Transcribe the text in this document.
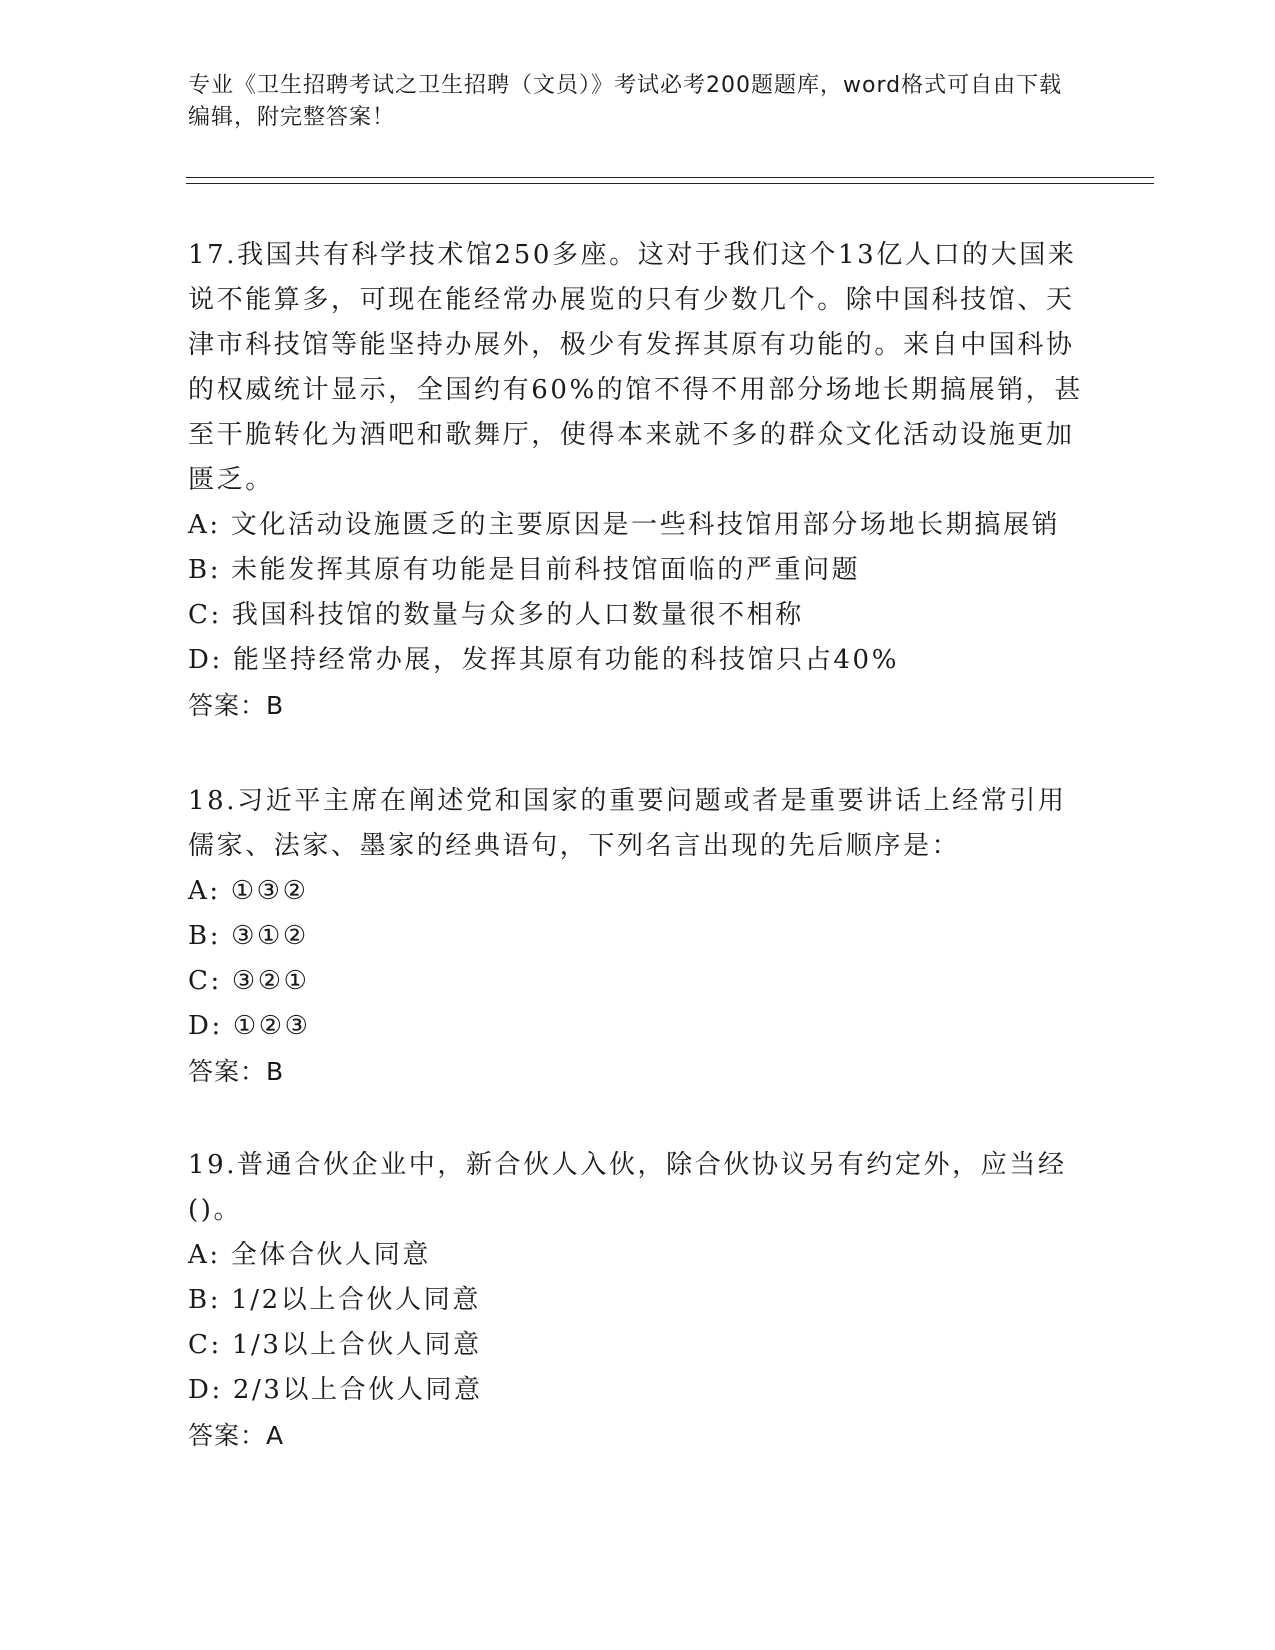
专业《卫生招聘考试之卫生招聘（文员）》考试必考200题题库，word格式可自由下载编辑，附完整答案！

17.我国共有科学技术馆250多座。这对于我们这个13亿人口的大国来说不能算多，可现在能经常办展览的只有少数几个。除中国科技馆、天津市科技馆等能坚持办展外，极少有发挥其原有功能的。来自中国科协的权威统计显示，全国约有60%的馆不得不用部分场地长期搞展销，甚至干脆转化为酒吧和歌舞厅，使得本来就不多的群众文化活动设施更加匮乏。

A: 文化活动设施匮乏的主要原因是一些科技馆用部分场地长期搞展销
B: 未能发挥其原有功能是目前科技馆面临的严重问题
C: 我国科技馆的数量与众多的人口数量很不相称
D: 能坚持经常办展，发挥其原有功能的科技馆只占40%
答案：B

18.习近平主席在阐述党和国家的重要问题或者是重要讲话上经常引用儒家、法家、墨家的经典语句，下列名言出现的先后顺序是：

A: ①③②
B: ③①②
C: ③②①
D: ①②③
答案：B

19.普通合伙企业中，新合伙人入伙，除合伙协议另有约定外，应当经()。

A: 全体合伙人同意
B: 1/2以上合伙人同意
C: 1/3以上合伙人同意
D: 2/3以上合伙人同意
答案：A
